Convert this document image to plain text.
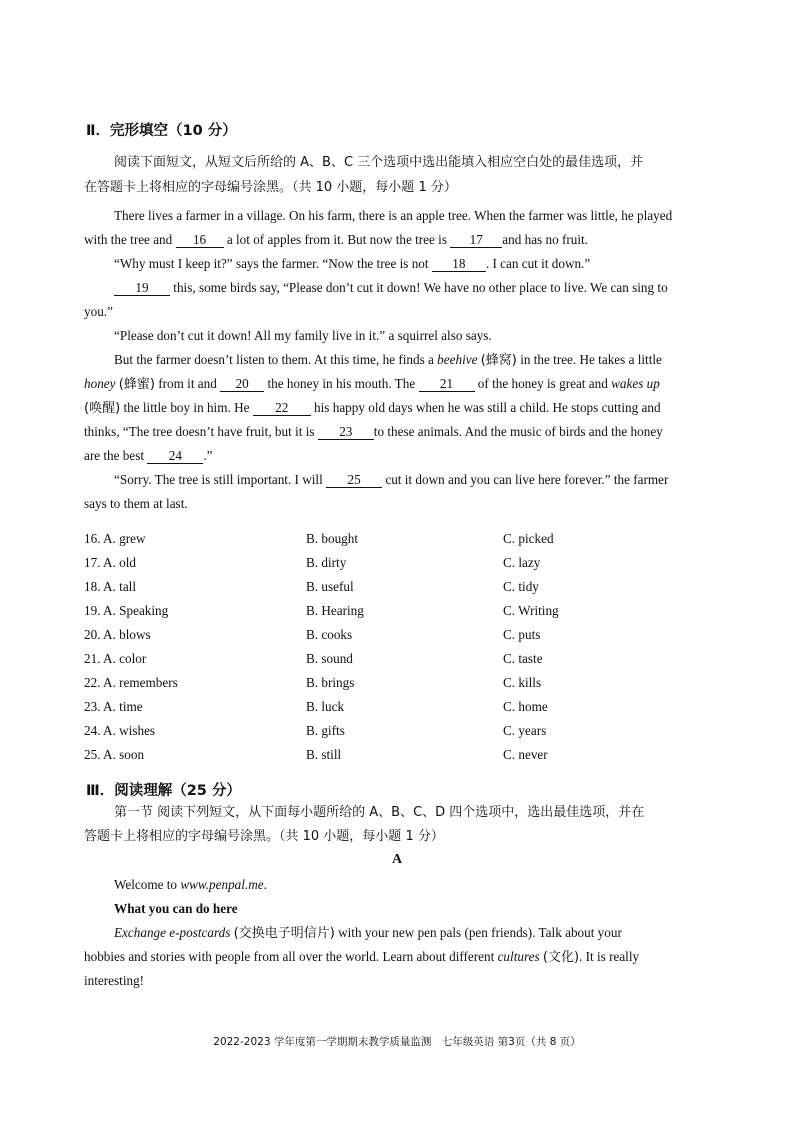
Ⅱ．完形填空（10 分）
阅读下面短文，从短文后所给的 A、B、C 三个选项中选出能填入相应空白处的最佳选项，并
在答题卡上将相应的字母编号涂黑。（共 10 小题，每小题 1 分）
There lives a farmer in a village. On his farm, there is an apple tree. When the farmer was little, he played
with the tree and 16 a lot of apples from it. But now the tree is 17 and has no fruit.
“Why must I keep it?” says the farmer. “Now the tree is not 18 . I can cut it down.”
19 this, some birds say, “Please don’t cut it down! We have no other place to live. We can sing to
you.”
“Please don’t cut it down! All my family live in it.” a squirrel also says.
But the farmer doesn’t listen to them. At this time, he finds a beehive (蜂窝) in the tree. He takes a little
honey (蜂蜜) from it and 20 the honey in his mouth. The 21 of the honey is great and wakes up
(唤醒) the little boy in him. He 22 his happy old days when he was still a child. He stops cutting and
thinks, “The tree doesn’t have fruit, but it is 23 to these animals. And the music of birds and the honey
are the best 24 .”
“Sorry. The tree is still important. I will 25 cut it down and you can live here forever.” the farmer
says to them at last.
16. A. grew	B. bought	C. picked
17. A. old	B. dirty	C. lazy
18. A. tall	B. useful	C. tidy
19. A. Speaking	B. Hearing	C. Writing
20. A. blows	B. cooks	C. puts
21. A. color	B. sound	C. taste
22. A. remembers	B. brings	C. kills
23. A. time	B. luck	C. home
24. A. wishes	B. gifts	C. years
25. A. soon	B. still	C. never
Ⅲ．阅读理解（25 分）
第一节 阅读下列短文，从下面每小题所给的 A、B、C、D 四个选项中，选出最佳选项，并在
答题卡上将相应的字母编号涂黑。（共 10 小题，每小题 1 分）
A
Welcome to www.penpal.me.
What you can do here
Exchange e-postcards (交换电子明信片) with your new pen pals (pen friends). Talk about your
hobbies and stories with people from all over the world. Learn about different cultures (文化). It is really
interesting!
2022-2023 学年度第一学期期末教学质量监测　七年级英语 第3页（共 8 页）
